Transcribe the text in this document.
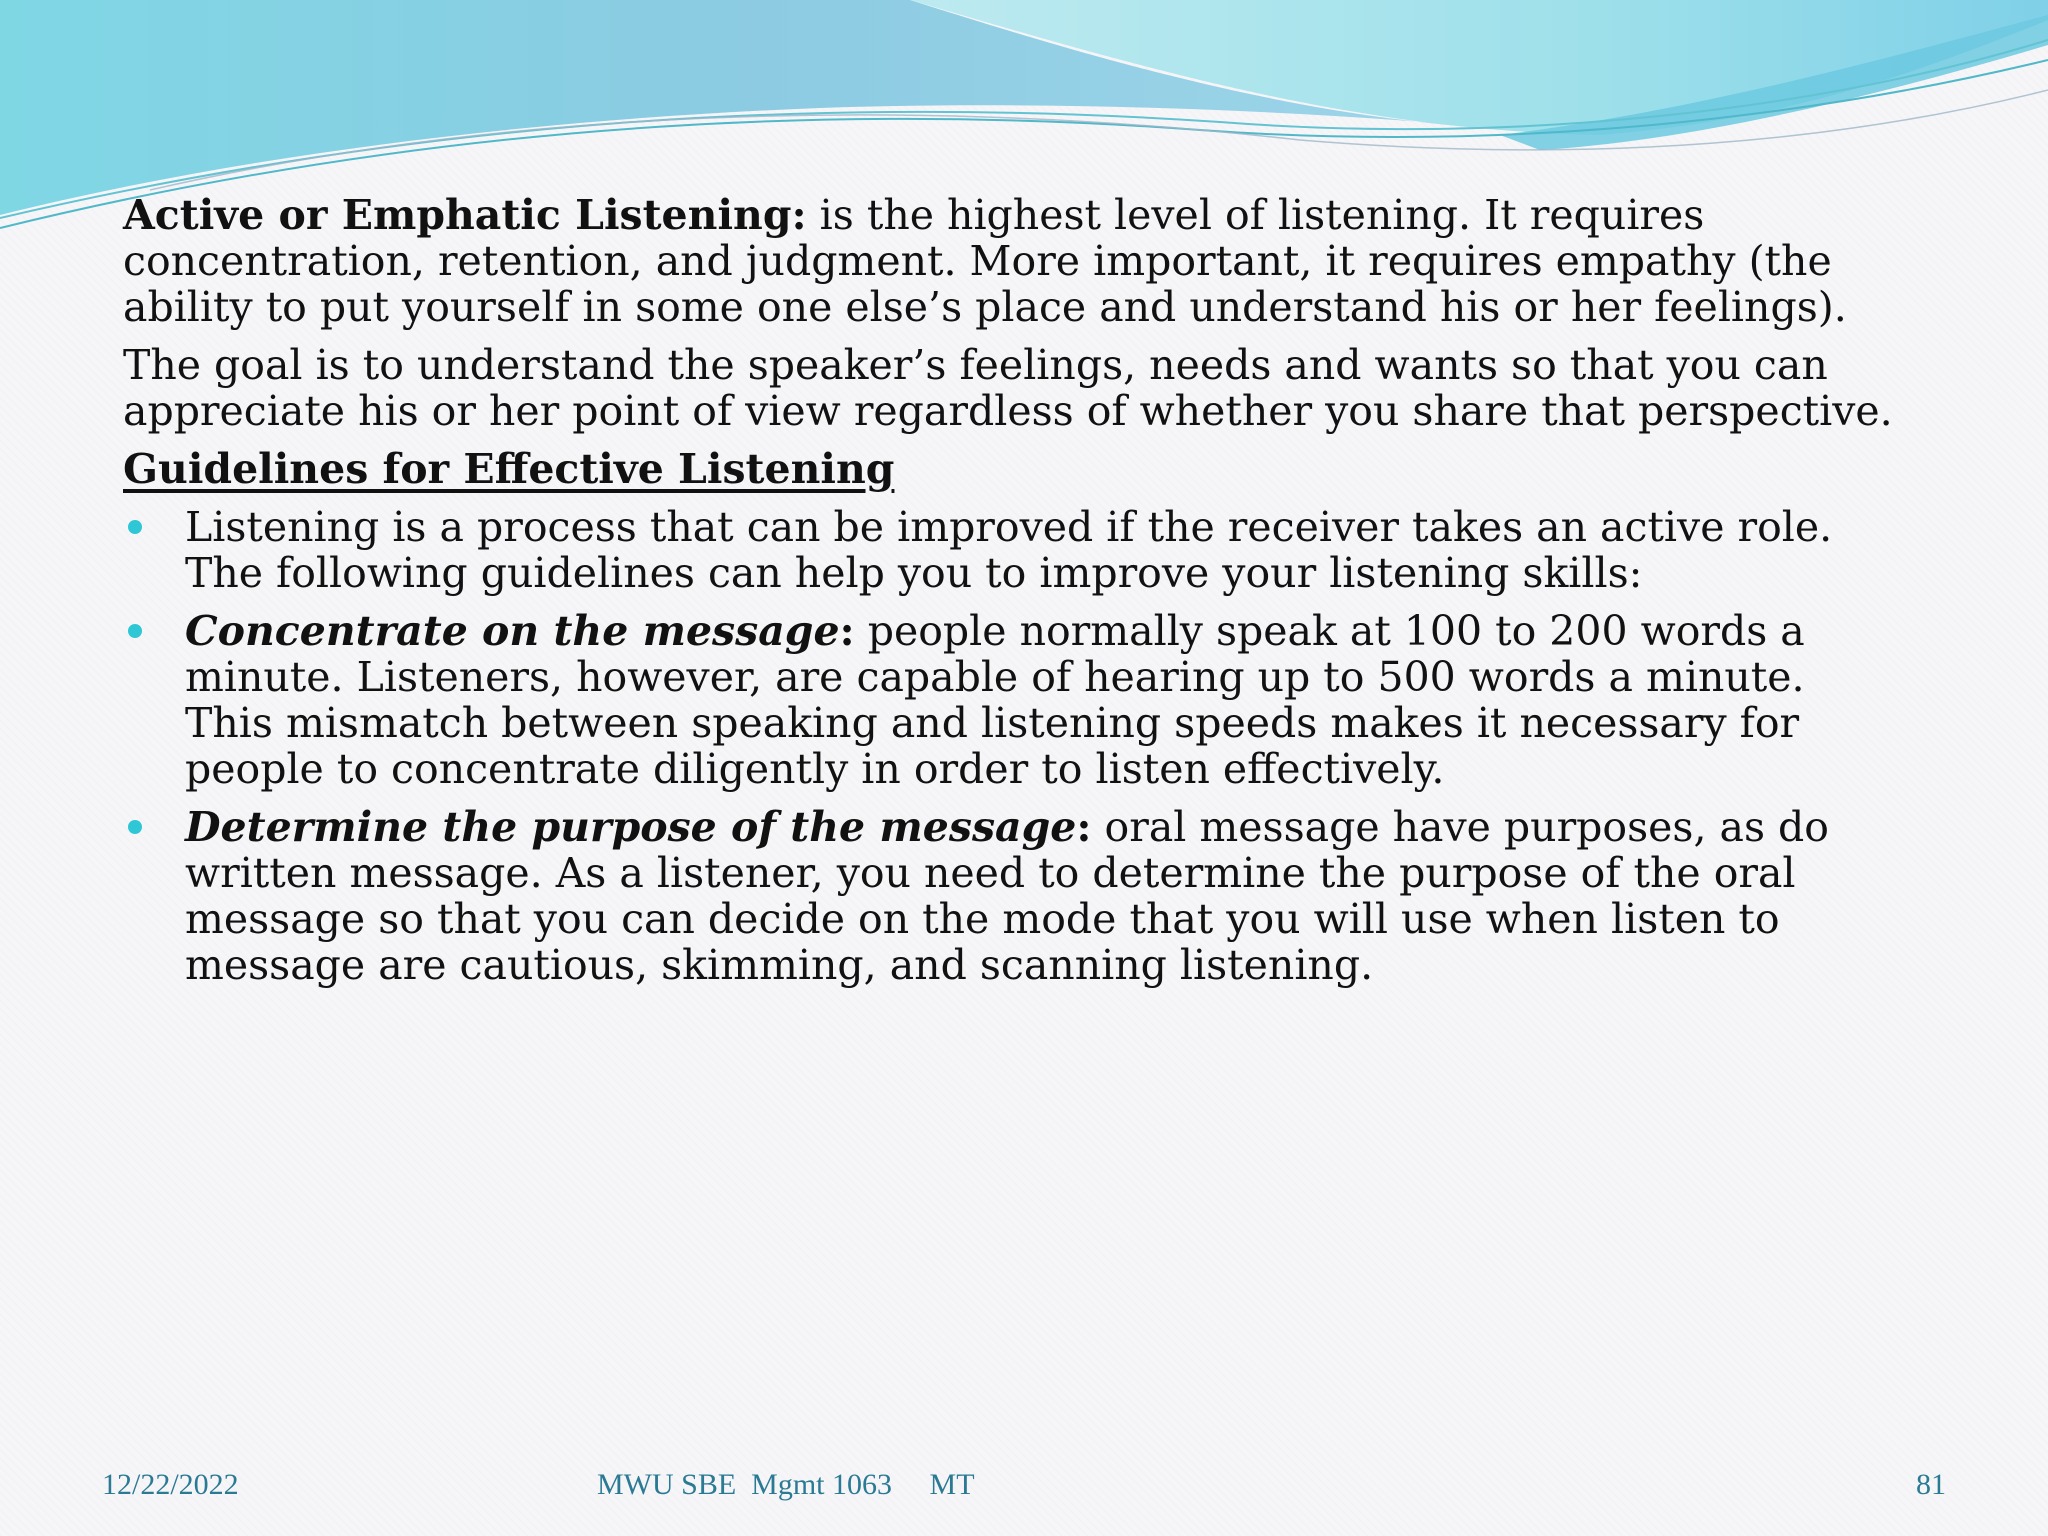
Active or Emphatic Listening: is the highest level of listening. It requires concentration, retention, and judgment. More important, it requires empathy (the ability to put yourself in some one else’s place and understand his or her feelings).

The goal is to understand the speaker’s feelings, needs and wants so that you can appreciate his or her point of view regardless of whether you share that perspective.

Guidelines for Effective Listening
Listening is a process that can be improved if the receiver takes an active role. The following guidelines can help you to improve your listening skills:
Concentrate on the message: people normally speak at 100 to 200 words a minute. Listeners, however, are capable of hearing up to 500 words a minute. This mismatch between speaking and listening speeds makes it necessary for people to concentrate diligently in order to listen effectively.
Determine the purpose of the message: oral message have purposes, as do written message. As a listener, you need to determine the purpose of the oral message so that you can decide on the mode that you will use when listen to message are cautious, skimming, and scanning listening.
12/22/2022	MWU SBE  Mgmt 1063     MT	81
